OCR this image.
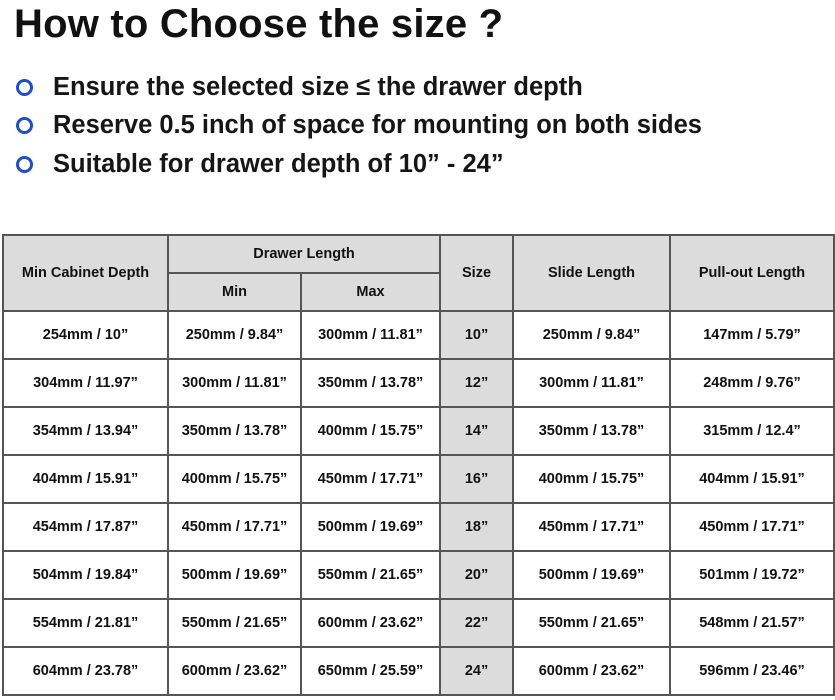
How to Choose the size ?
Ensure the selected size ≤ the drawer depth
Reserve 0.5 inch of space for mounting on both sides
Suitable for drawer depth of 10” - 24”
Min Cabinet Depth	Drawer Length		Size	Slide Length	Pull-out Length
	Min	Max			
254mm / 10”	250mm / 9.84”	300mm / 11.81”	10”	250mm / 9.84”	147mm / 5.79”
304mm / 11.97”	300mm / 11.81”	350mm / 13.78”	12”	300mm / 11.81”	248mm / 9.76”
354mm / 13.94”	350mm / 13.78”	400mm / 15.75”	14”	350mm / 13.78”	315mm / 12.4”
404mm / 15.91”	400mm / 15.75”	450mm / 17.71”	16”	400mm / 15.75”	404mm / 15.91”
454mm / 17.87”	450mm / 17.71”	500mm / 19.69”	18”	450mm / 17.71”	450mm / 17.71”
504mm / 19.84”	500mm / 19.69”	550mm / 21.65”	20”	500mm / 19.69”	501mm / 19.72”
554mm / 21.81”	550mm / 21.65”	600mm / 23.62”	22”	550mm / 21.65”	548mm / 21.57”
604mm / 23.78”	600mm / 23.62”	650mm / 25.59”	24”	600mm / 23.62”	596mm / 23.46”
